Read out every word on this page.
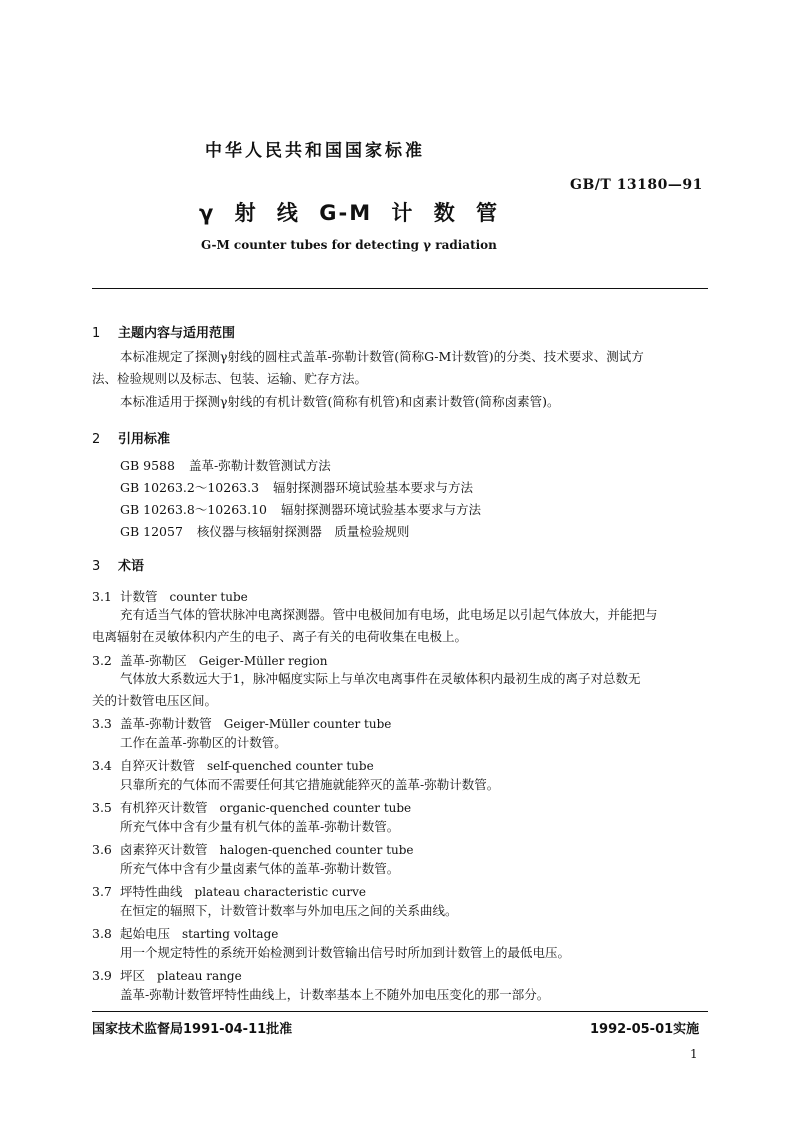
中华人民共和国国家标准
GB/T 13180—91
γ 射 线 G-M 计 数 管
G-M counter tubes for detecting γ radiation
1 主题内容与适用范围
本标准规定了探测γ射线的圆柱式盖革-弥勒计数管(简称G-M计数管)的分类、技术要求、测试方
法、检验规则以及标志、包装、运输、贮存方法。
本标准适用于探测γ射线的有机计数管(简称有机管)和卤素计数管(简称卤素管)。
2 引用标准
GB 9588 盖革-弥勒计数管测试方法
GB 10263.2～10263.3 辐射探测器环境试验基本要求与方法
GB 10263.8～10263.10 辐射探测器环境试验基本要求与方法
GB 12057 核仪器与核辐射探测器　质量检验规则
3 术语
3.1 计数管 counter tube
充有适当气体的管状脉冲电离探测器。管中电极间加有电场，此电场足以引起气体放大，并能把与
电离辐射在灵敏体积内产生的电子、离子有关的电荷收集在电极上。
3.2 盖革-弥勒区 Geiger-Müller region
气体放大系数远大于1，脉冲幅度实际上与单次电离事件在灵敏体积内最初生成的离子对总数无
关的计数管电压区间。
3.3 盖革-弥勒计数管 Geiger-Müller counter tube
工作在盖革-弥勒区的计数管。
3.4 自猝灭计数管 self-quenched counter tube
只靠所充的气体而不需要任何其它措施就能猝灭的盖革-弥勒计数管。
3.5 有机猝灭计数管 organic-quenched counter tube
所充气体中含有少量有机气体的盖革-弥勒计数管。
3.6 卤素猝灭计数管 halogen-quenched counter tube
所充气体中含有少量卤素气体的盖革-弥勒计数管。
3.7 坪特性曲线 plateau characteristic curve
在恒定的辐照下，计数管计数率与外加电压之间的关系曲线。
3.8 起始电压 starting voltage
用一个规定特性的系统开始检测到计数管输出信号时所加到计数管上的最低电压。
3.9 坪区 plateau range
盖革-弥勒计数管坪特性曲线上，计数率基本上不随外加电压变化的那一部分。
国家技术监督局1991-04-11批准	1992-05-01实施
1
